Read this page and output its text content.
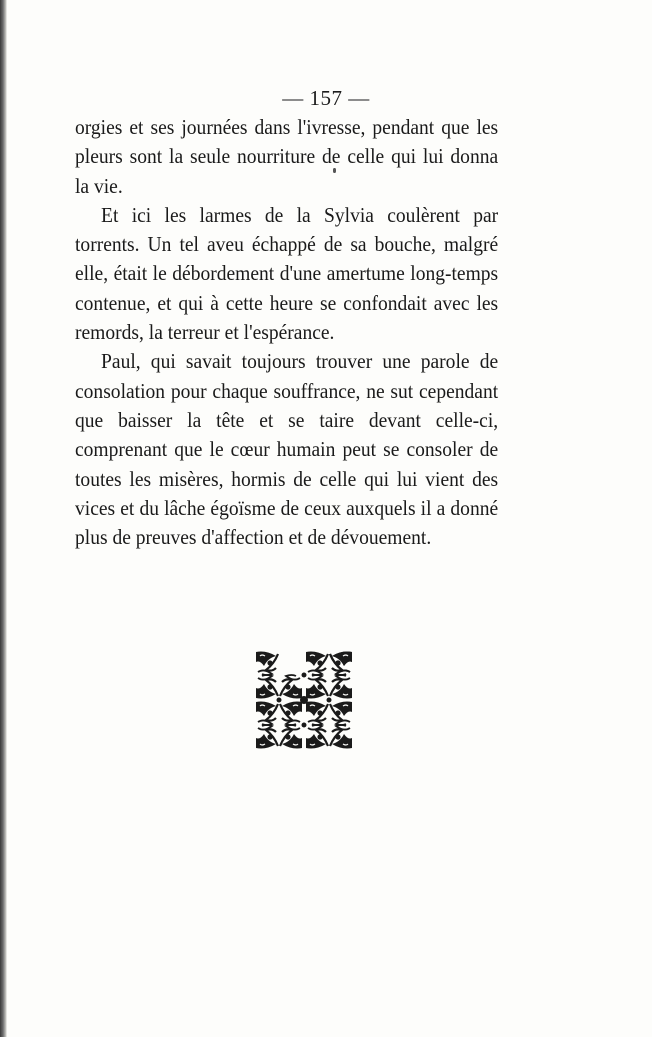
— 157 —

orgies et ses journées dans l'ivresse, pendant que les pleurs sont la seule nourriture de celle qui lui donna la vie.

Et ici les larmes de la Sylvia coulèrent par torrents. Un tel aveu échappé de sa bouche, malgré elle, était le débordement d'une amertume long-temps contenue, et qui à cette heure se confondait avec les remords, la terreur et l'espérance.

Paul, qui savait toujours trouver une parole de consolation pour chaque souffrance, ne sut cependant que baisser la tête et se taire devant celle-ci, comprenant que le cœur humain peut se consoler de toutes les misères, hormis de celle qui lui vient des vices et du lâche égoïsme de ceux auxquels il a donné plus de preuves d'affection et de dévouement.
